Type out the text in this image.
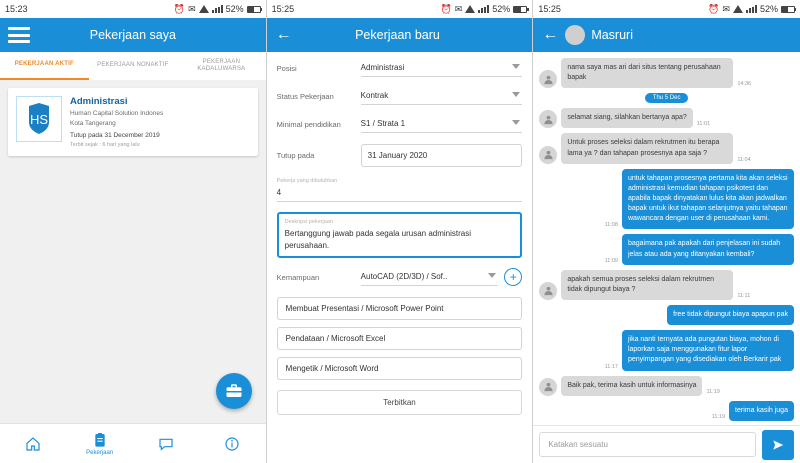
15:23	⏰ ✉	52%
Pekerjaan saya
PEKERJAAN AKTIF	PEKERJAAN NONAKTIF
PEKERJAAN KADALUWARSA
HS
Administrasi
Human Capital Solution Indones
Kota Tangerang
Tutup pada 31 December 2019
Terbit sejak : 6 hari yang lalu
Pekerjaan
15:25	⏰ ✉	52%
←	Pekerjaan baru
Posisi	Administrasi
Status Pekerjaan	Kontrak
Minimal pendidikan	S1 / Strata 1
Tutup pada	31 January 2020
Pekerja yang dibutuhkan
4
Deskripsi pekerjaan
Bertanggung jawab pada segala urusan administrasi perusahaan.
Kemampuan	AutoCAD (2D/3D) / Sof..	+
Membuat Presentasi / Microsoft Power Point
Pendataan / Microsoft Excel
Mengetik / Microsoft Word
Terbitkan
15:25	⏰ ✉	52%
←	Masruri
nama saya mas ari dari situs tentang perusahaan bapak
14:36
Thu 5 Dec
selamat siang, silahkan bertanya apa?
11:01
Untuk proses seleksi dalam rekrutmen itu berapa lama ya ? dan tahapan prosesnya apa saja ?
11:04
11:08
untuk tahapan prosesnya pertama kita akan seleksi administrasi kemudian tahapan psikotest dan apabila bapak dinyatakan lulus kita akan jadwalkan bapak untuk ikut tahapan selanjutnya yaitu tahapan wawancara dengan user di perusahaan kami.
11:09
bagaimana pak apakah dari penjelasan ini sudah jelas atau ada yang ditanyakan kembali?
apakah semua proses seleksi dalam rekrutmen tidak dipungut biaya ?
11:11
free tidak dipungut biaya apapun pak
11:17
jika nanti ternyata ada pungutan biaya, mohon di laporkan saja menggunakan fitur lapor penyimpangan yang disediakan oleh Berkarir pak
Baik pak, terima kasih untuk informasinya
11:19
11:19
terima kasih juga
Katakan sesuatu
